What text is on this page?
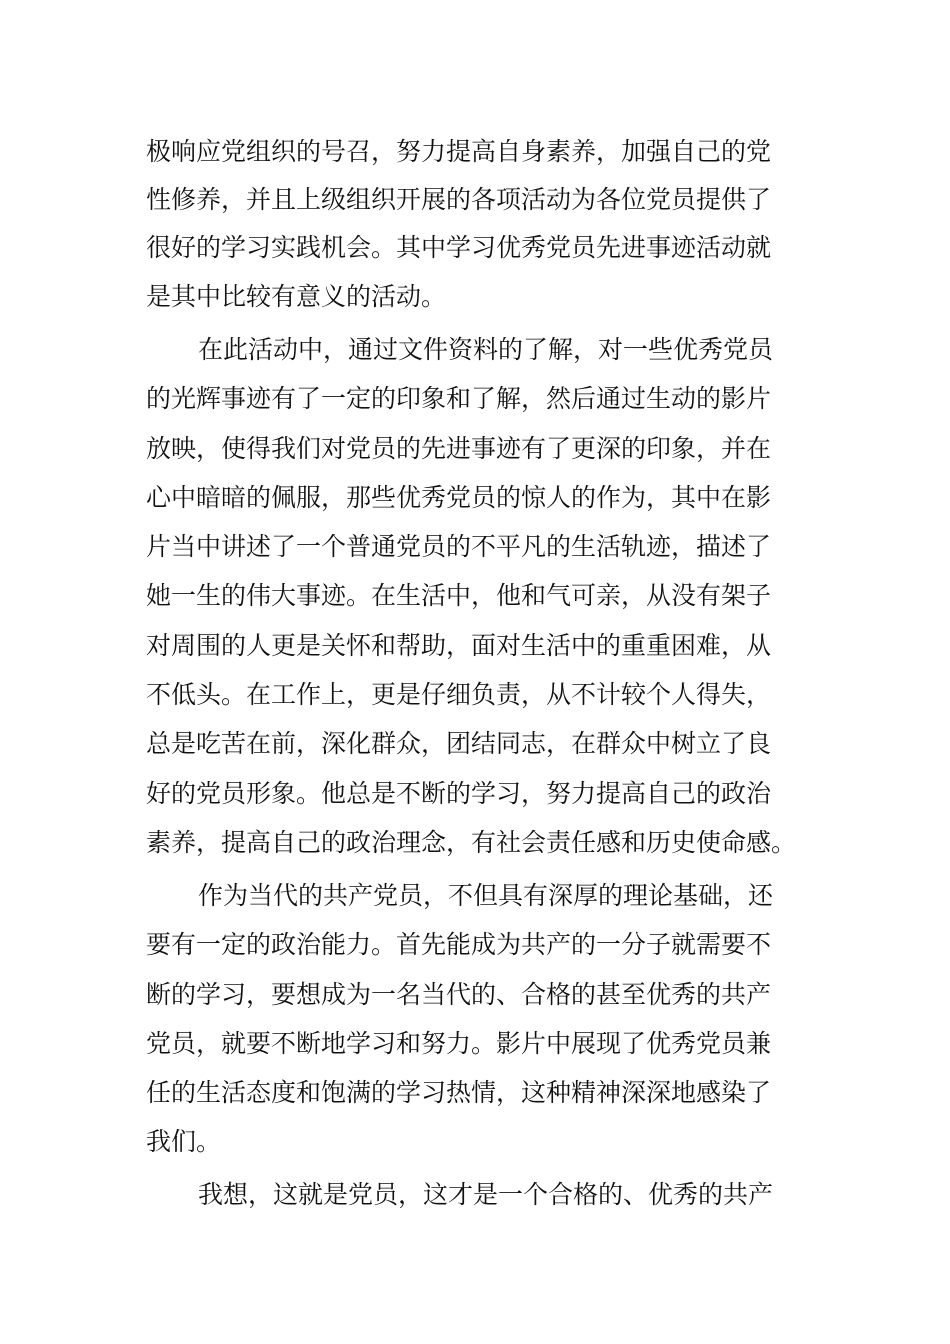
极响应党组织的号召，努力提高自身素养，加强自己的党
性修养，并且上级组织开展的各项活动为各位党员提供了
很好的学习实践机会。其中学习优秀党员先进事迹活动就
是其中比较有意义的活动。
在此活动中，通过文件资料的了解，对一些优秀党员
的光辉事迹有了一定的印象和了解，然后通过生动的影片
放映，使得我们对党员的先进事迹有了更深的印象，并在
心中暗暗的佩服，那些优秀党员的惊人的作为，其中在影
片当中讲述了一个普通党员的不平凡的生活轨迹，描述了
她一生的伟大事迹。在生活中，他和气可亲，从没有架子
对周围的人更是关怀和帮助，面对生活中的重重困难，从
不低头。在工作上，更是仔细负责，从不计较个人得失，
总是吃苦在前，深化群众，团结同志，在群众中树立了良
好的党员形象。他总是不断的学习，努力提高自己的政治
素养，提高自己的政治理念，有社会责任感和历史使命感。
作为当代的共产党员，不但具有深厚的理论基础，还
要有一定的政治能力。首先能成为共产的一分子就需要不
断的学习，要想成为一名当代的、合格的甚至优秀的共产
党员，就要不断地学习和努力。影片中展现了优秀党员兼
任的生活态度和饱满的学习热情，这种精神深深地感染了
我们。
我想，这就是党员，这才是一个合格的、优秀的共产
